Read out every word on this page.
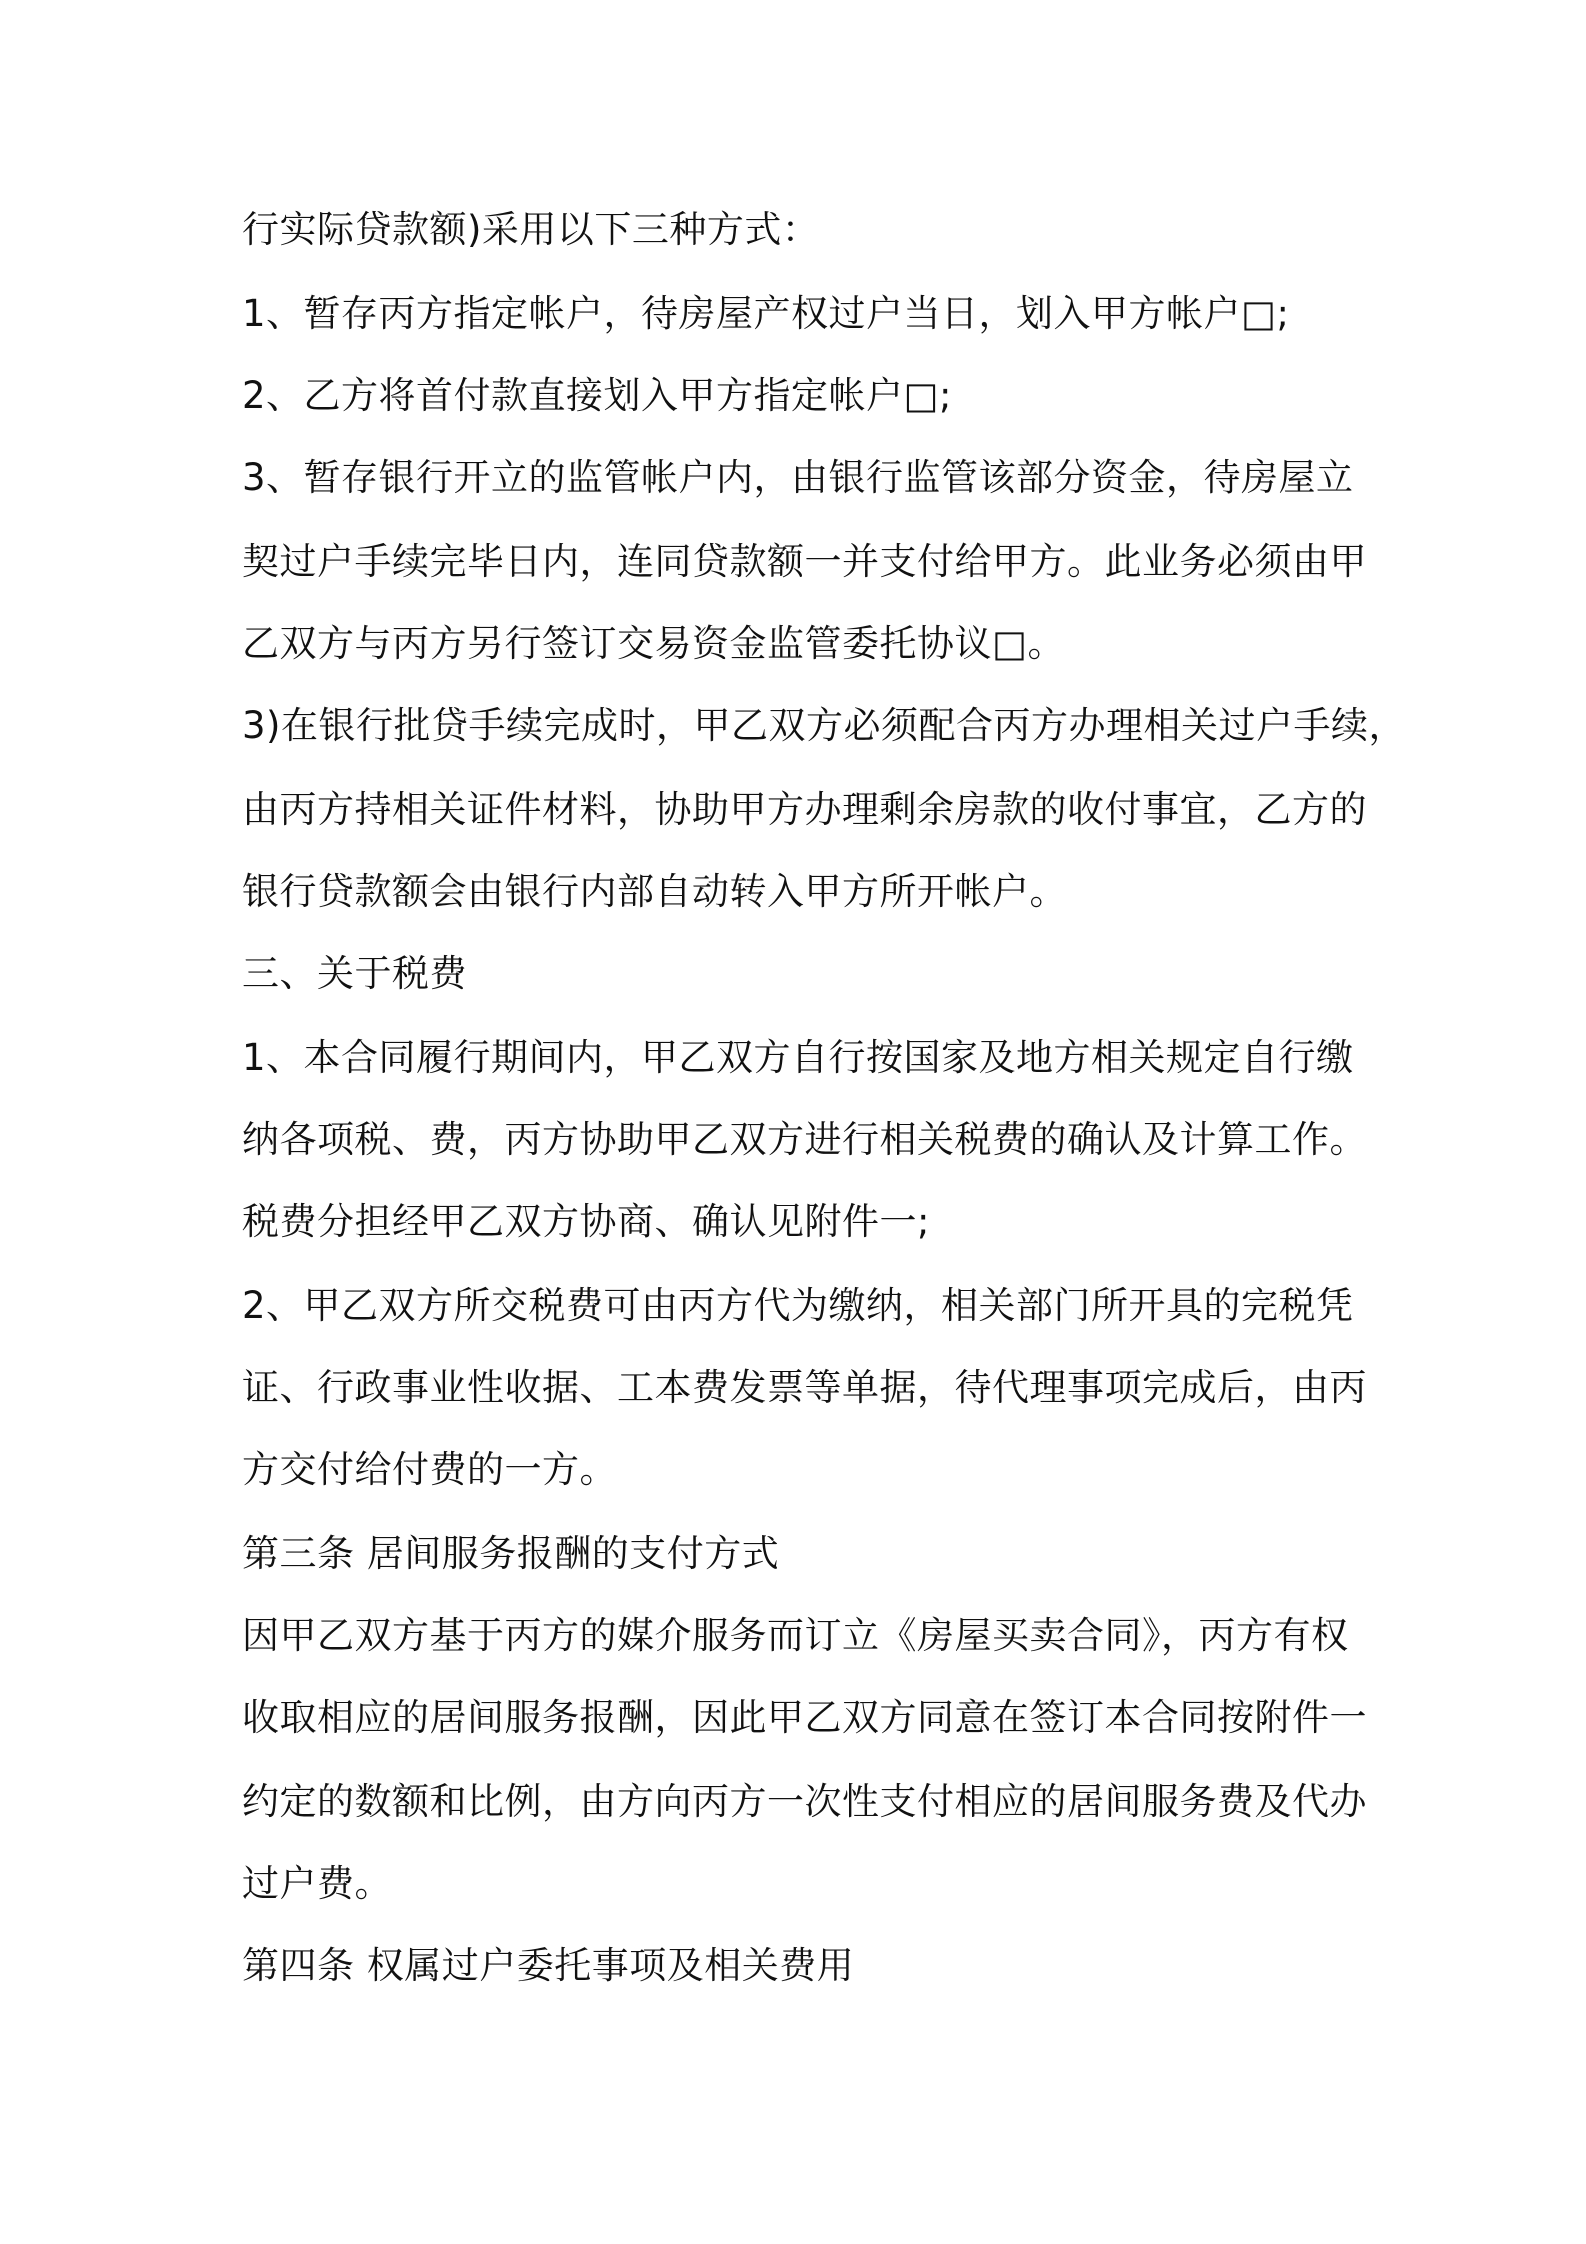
行实际贷款额)采用以下三种方式：
1、暂存丙方指定帐户，待房屋产权过户当日，划入甲方帐户□;
2、乙方将首付款直接划入甲方指定帐户□;
3、暂存银行开立的监管帐户内，由银行监管该部分资金，待房屋立
契过户手续完毕日内，连同贷款额一并支付给甲方。此业务必须由甲
乙双方与丙方另行签订交易资金监管委托协议□。
3)在银行批贷手续完成时，甲乙双方必须配合丙方办理相关过户手续，
由丙方持相关证件材料，协助甲方办理剩余房款的收付事宜，乙方的
银行贷款额会由银行内部自动转入甲方所开帐户。
三、关于税费
1、本合同履行期间内，甲乙双方自行按国家及地方相关规定自行缴
纳各项税、费，丙方协助甲乙双方进行相关税费的确认及计算工作。
税费分担经甲乙双方协商、确认见附件一;
2、甲乙双方所交税费可由丙方代为缴纳，相关部门所开具的完税凭
证、行政事业性收据、工本费发票等单据，待代理事项完成后，由丙
方交付给付费的一方。
第三条 居间服务报酬的支付方式
因甲乙双方基于丙方的媒介服务而订立《房屋买卖合同》，丙方有权
收取相应的居间服务报酬，因此甲乙双方同意在签订本合同按附件一
约定的数额和比例，由方向丙方一次性支付相应的居间服务费及代办
过户费。
第四条 权属过户委托事项及相关费用
